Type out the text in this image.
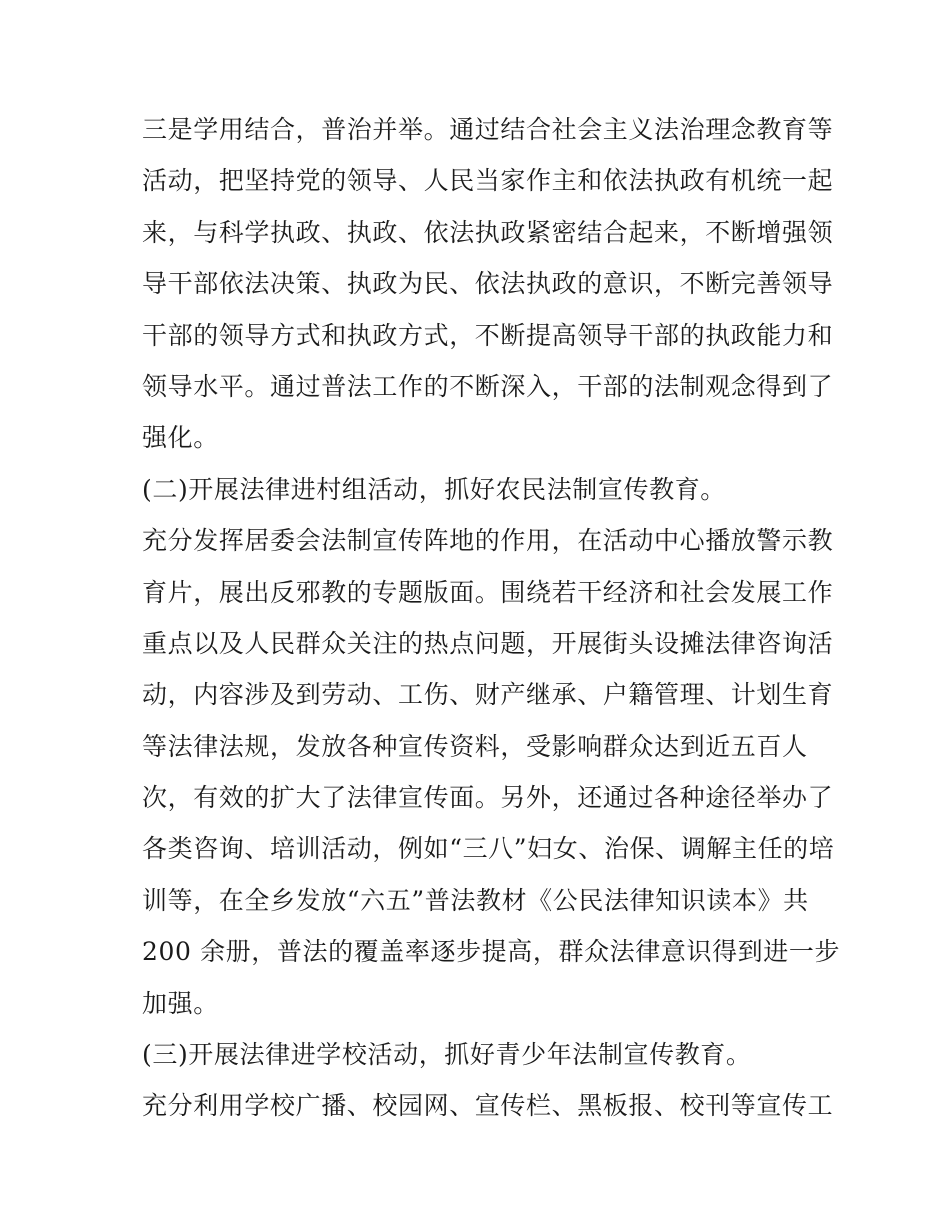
三是学用结合，普治并举。通过结合社会主义法治理念教育等
活动，把坚持党的领导、人民当家作主和依法执政有机统一起
来，与科学执政、执政、依法执政紧密结合起来，不断增强领
导干部依法决策、执政为民、依法执政的意识，不断完善领导
干部的领导方式和执政方式，不断提高领导干部的执政能力和
领导水平。通过普法工作的不断深入，干部的法制观念得到了
强化。
(二)开展法律进村组活动，抓好农民法制宣传教育。
充分发挥居委会法制宣传阵地的作用，在活动中心播放警示教
育片，展出反邪教的专题版面。围绕若干经济和社会发展工作
重点以及人民群众关注的热点问题，开展街头设摊法律咨询活
动，内容涉及到劳动、工伤、财产继承、户籍管理、计划生育
等法律法规，发放各种宣传资料，受影响群众达到近五百人
次，有效的扩大了法律宣传面。另外，还通过各种途径举办了
各类咨询、培训活动，例如“三八”妇女、治保、调解主任的培
训等，在全乡发放“六五”普法教材《公民法律知识读本》共
200 余册，普法的覆盖率逐步提高，群众法律意识得到进一步
加强。
(三)开展法律进学校活动，抓好青少年法制宣传教育。
充分利用学校广播、校园网、宣传栏、黑板报、校刊等宣传工
